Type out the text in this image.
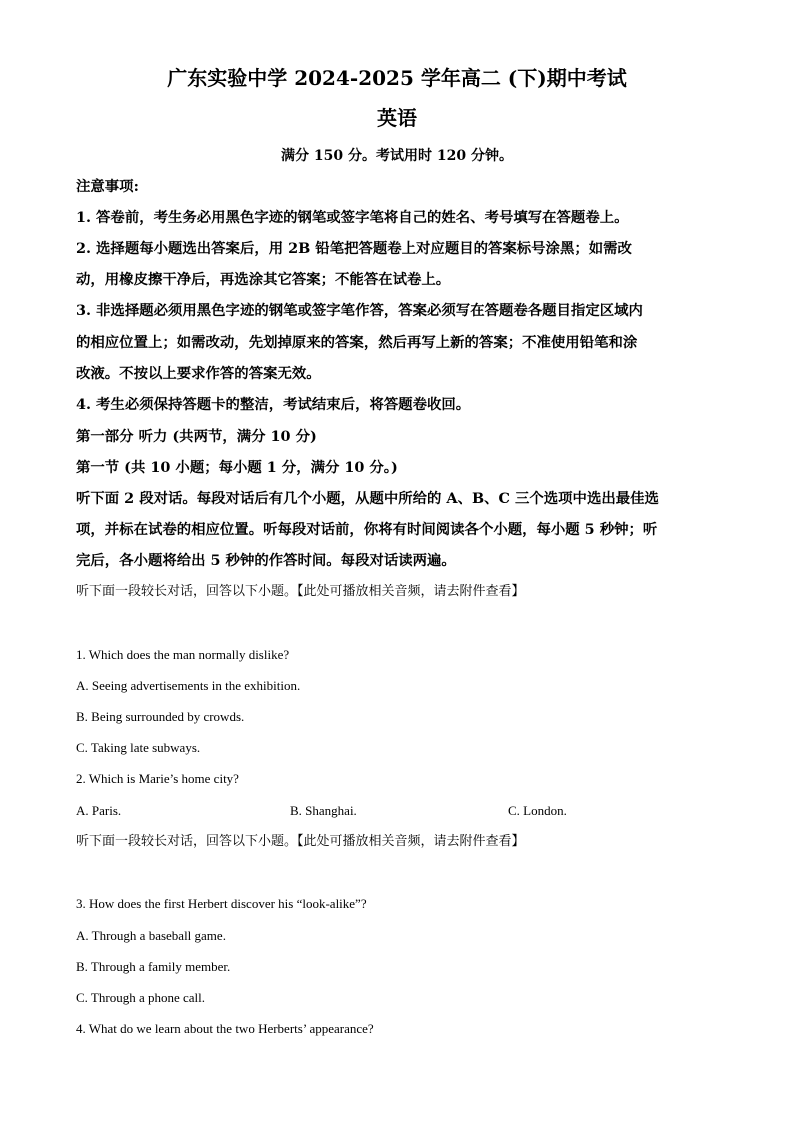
广东实验中学 2024-2025 学年高二 (下)期中考试
英语
满分 150 分。考试用时 120 分钟。
注意事项:
1. 答卷前，考生务必用黑色字迹的钢笔或签字笔将自己的姓名、考号填写在答题卷上。
2. 选择题每小题选出答案后，用 2B 铅笔把答题卷上对应题目的答案标号涂黑；如需改
动，用橡皮擦干净后，再选涂其它答案；不能答在试卷上。
3. 非选择题必须用黑色字迹的钢笔或签字笔作答，答案必须写在答题卷各题目指定区域内
的相应位置上；如需改动，先划掉原来的答案，然后再写上新的答案；不准使用铅笔和涂
改液。不按以上要求作答的答案无效。
4. 考生必须保持答题卡的整洁，考试结束后，将答题卷收回。
第一部分 听力 (共两节，满分 10 分)
第一节 (共 10 小题；每小题 1 分，满分 10 分。)
听下面 2 段对话。每段对话后有几个小题，从题中所给的 A、B、C 三个选项中选出最佳选
项，并标在试卷的相应位置。听每段对话前，你将有时间阅读各个小题，每小题 5 秒钟；听
完后，各小题将给出 5 秒钟的作答时间。每段对话读两遍。
听下面一段较长对话，回答以下小题。【此处可播放相关音频，请去附件查看】
1. Which does the man normally dislike?
A. Seeing advertisements in the exhibition.
B. Being surrounded by crowds.
C. Taking late subways.
2. Which is Marie’s home city?
A. Paris.	B. Shanghai.	C. London.
听下面一段较长对话，回答以下小题。【此处可播放相关音频，请去附件查看】
3. How does the first Herbert discover his “look-alike”?
A. Through a baseball game.
B. Through a family member.
C. Through a phone call.
4. What do we learn about the two Herberts’ appearance?
